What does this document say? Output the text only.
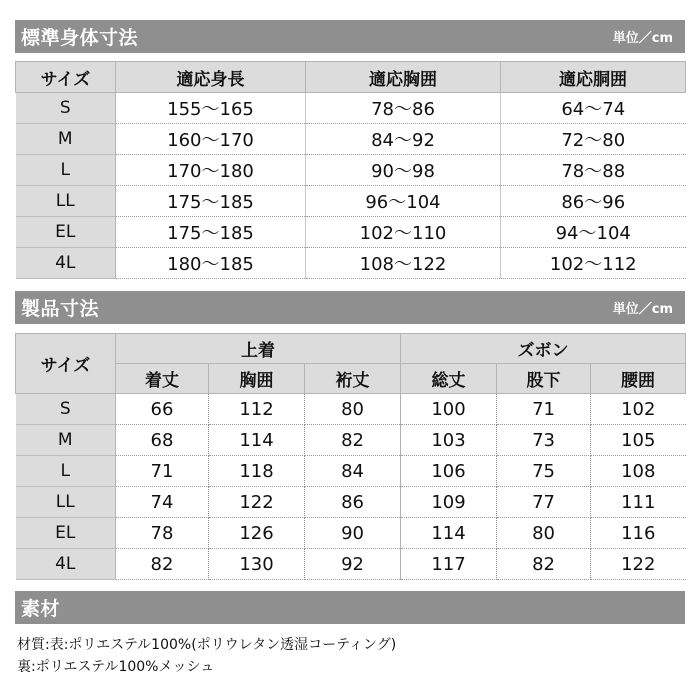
標準身体寸法	単位／cm
サイズ	適応身長	適応胸囲	適応胴囲
S	155〜165	78〜86	64〜74
M	160〜170	84〜92	72〜80
L	170〜180	90〜98	78〜88
LL	175〜185	96〜104	86〜96
EL	175〜185	102〜110	94〜104
4L	180〜185	108〜122	102〜112
製品寸法	単位／cm
サイズ	上着			ズボン		
	着丈	胸囲	裄丈	総丈	股下	腰囲
S	66	112	80	100	71	102
M	68	114	82	103	73	105
L	71	118	84	106	75	108
LL	74	122	86	109	77	111
EL	78	126	90	114	80	116
4L	82	130	92	117	82	122
素材
材質:表:ポリエステル100%(ポリウレタン透湿コーティング)
裏:ポリエステル100%メッシュ
